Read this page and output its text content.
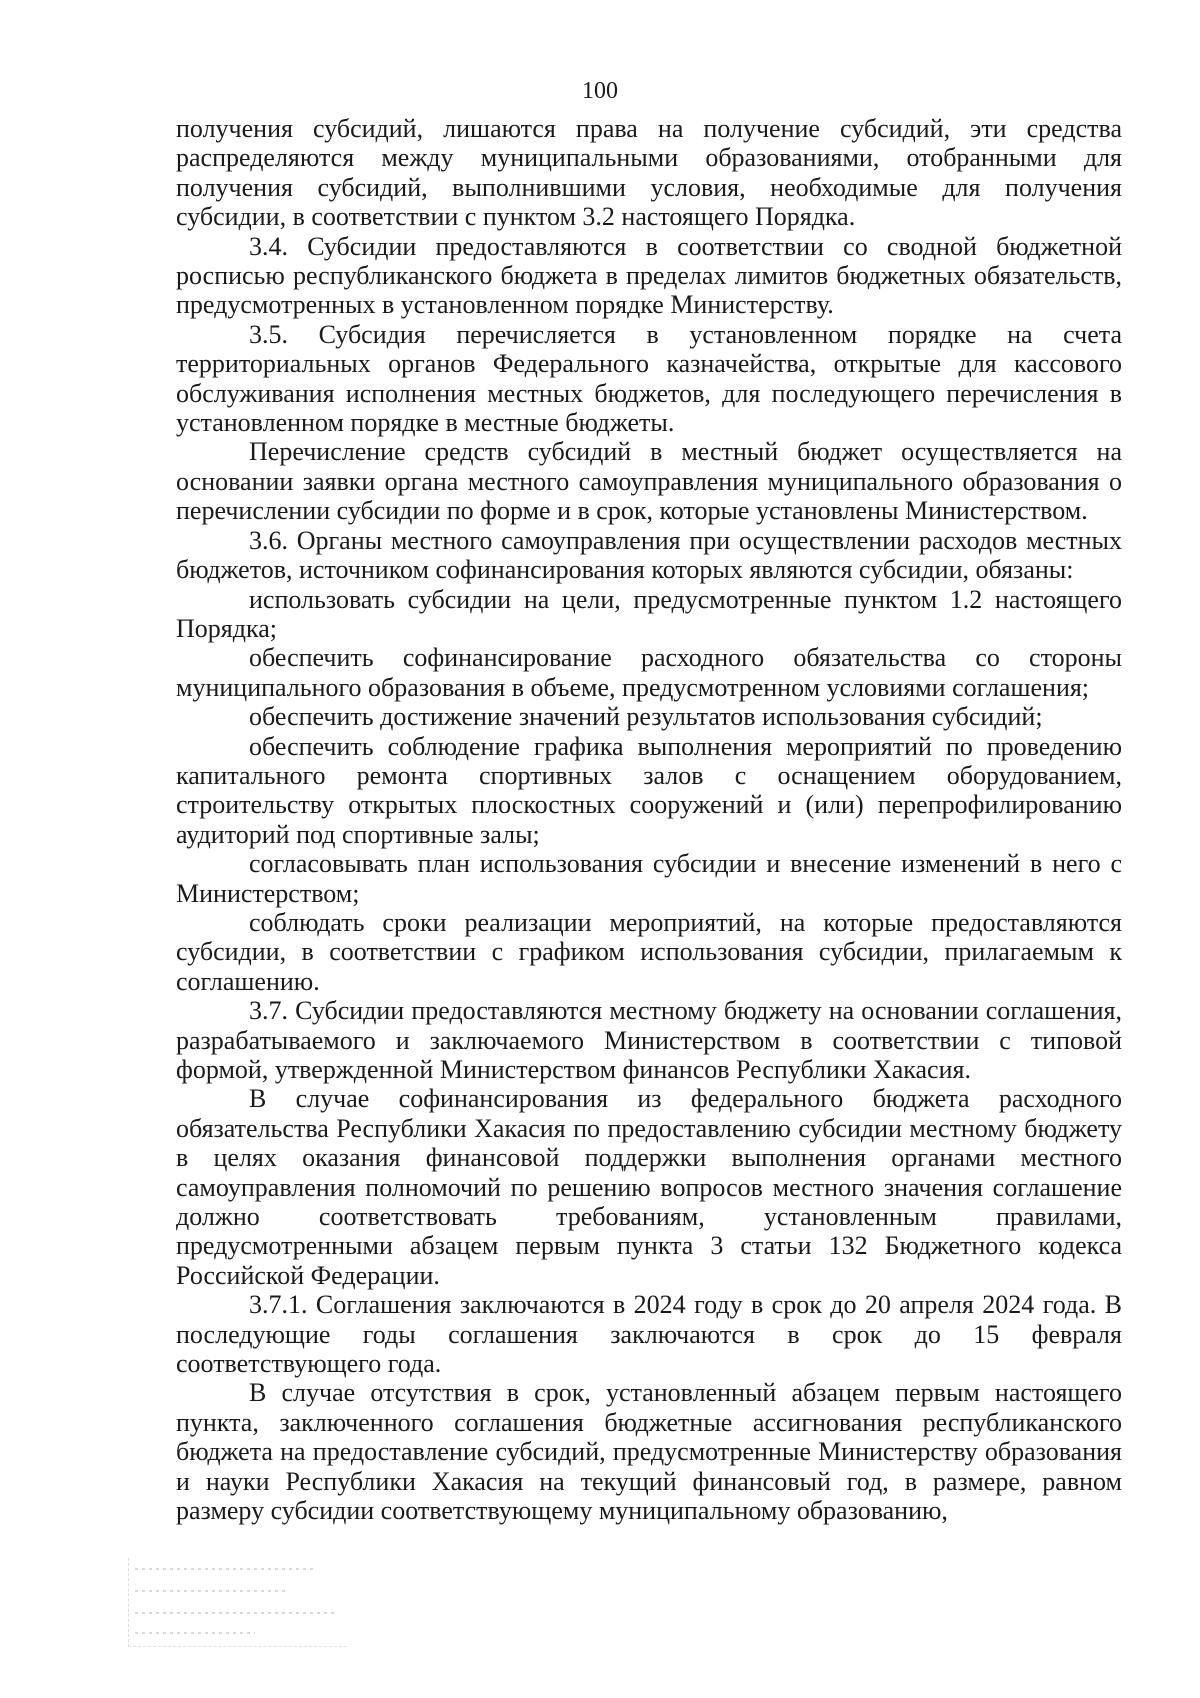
100

получения субсидий, лишаются права на получение субсидий, эти средства распределяются между муниципальными образованиями, отобранными для получения субсидий, выполнившими условия, необходимые для получения субсидии, в соответствии с пунктом 3.2 настоящего Порядка.

3.4. Субсидии предоставляются в соответствии со сводной бюджетной росписью республиканского бюджета в пределах лимитов бюджетных обязательств, предусмотренных в установленном порядке Министерству.

3.5. Субсидия перечисляется в установленном порядке на счета территориальных органов Федерального казначейства, открытые для кассового обслуживания исполнения местных бюджетов, для последующего перечисления в установленном порядке в местные бюджеты.

Перечисление средств субсидий в местный бюджет осуществляется на основании заявки органа местного самоуправления муниципального образования о перечислении субсидии по форме и в срок, которые установлены Министерством.

3.6. Органы местного самоуправления при осуществлении расходов местных бюджетов, источником софинансирования которых являются субсидии, обязаны:

использовать субсидии на цели, предусмотренные пунктом 1.2 настоящего Порядка;

обеспечить софинансирование расходного обязательства со стороны муниципального образования в объеме, предусмотренном условиями соглашения;

обеспечить достижение значений результатов использования субсидий;

обеспечить соблюдение графика выполнения мероприятий по проведению капитального ремонта спортивных залов с оснащением оборудованием, строительству открытых плоскостных сооружений и (или) перепрофилированию аудиторий под спортивные залы;

согласовывать план использования субсидии и внесение изменений в него с Министерством;

соблюдать сроки реализации мероприятий, на которые предоставляются субсидии, в соответствии с графиком использования субсидии, прилагаемым к соглашению.

3.7. Субсидии предоставляются местному бюджету на основании соглашения, разрабатываемого и заключаемого Министерством в соответствии с типовой формой, утвержденной Министерством финансов Республики Хакасия.

В случае софинансирования из федерального бюджета расходного обязательства Республики Хакасия по предоставлению субсидии местному бюджету в целях оказания финансовой поддержки выполнения органами местного самоуправления полномочий по решению вопросов местного значения соглашение должно соответствовать требованиям, установленным правилами, предусмотренными абзацем первым пункта 3 статьи 132 Бюджетного кодекса Российской Федерации.

3.7.1. Соглашения заключаются в 2024 году в срок до 20 апреля 2024 года. В последующие годы соглашения заключаются в срок до 15 февраля соответствующего года.

В случае отсутствия в срок, установленный абзацем первым настоящего пункта, заключенного соглашения бюджетные ассигнования республиканского бюджета на предоставление субсидий, предусмотренные Министерству образования и науки Республики Хакасия на текущий финансовый год, в размере, равном размеру субсидии соответствующему муниципальному образованию,
